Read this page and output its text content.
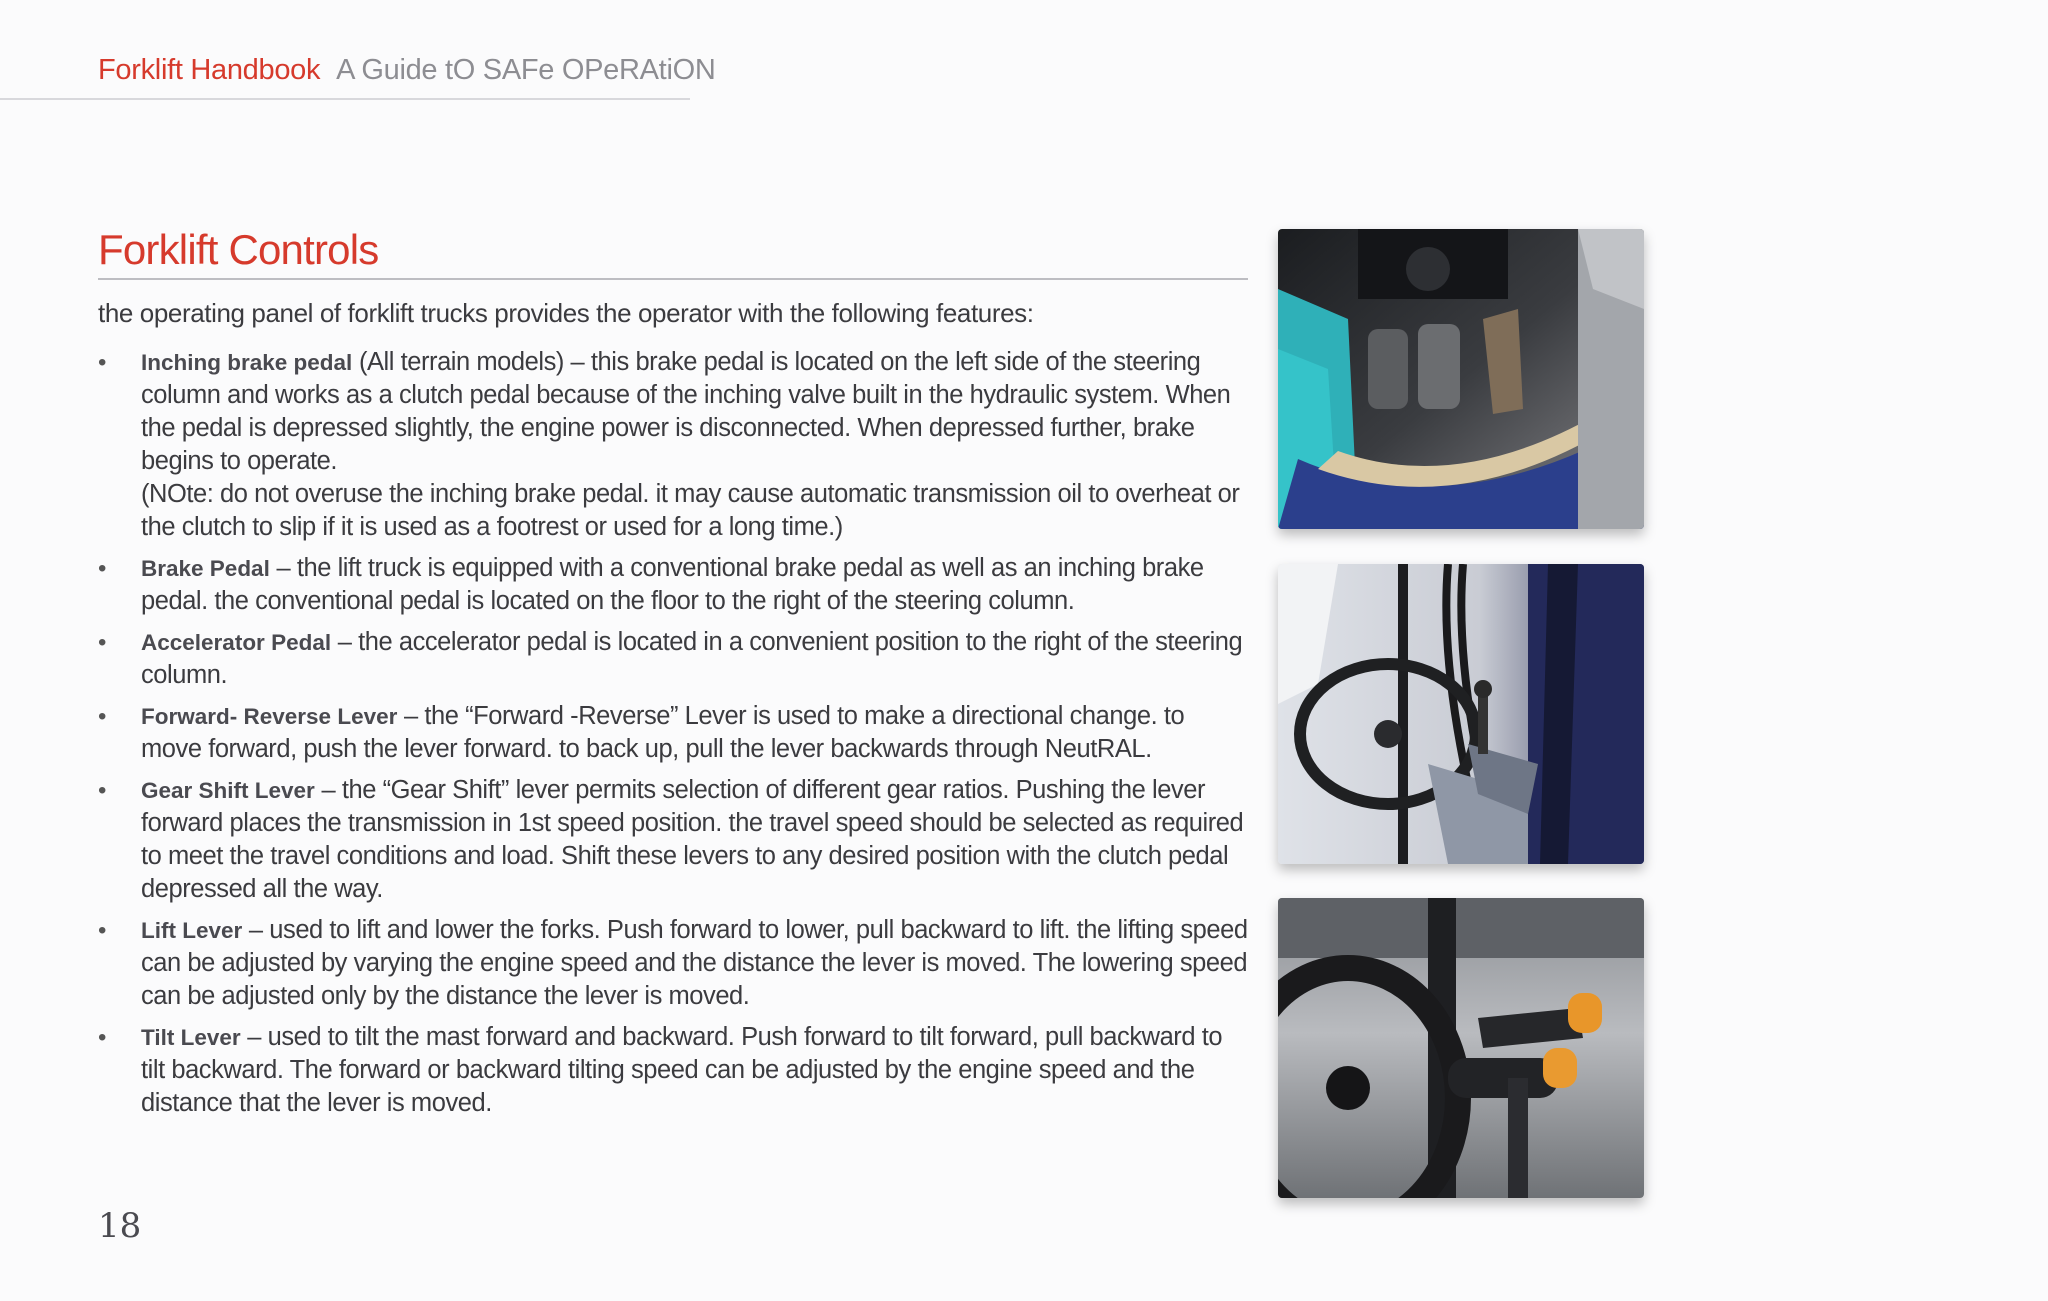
Forklift Handbook A Guide tO SAFe OPeRAtiON
Forklift Controls
the operating panel of forklift trucks provides the operator with the following features:
• Inching brake pedal (All terrain models) – this brake pedal is located on the left side of the steering column and works as a clutch pedal because of the inching valve built in the hydraulic system. When the pedal is depressed slightly, the engine power is disconnected. When depressed further, brake begins to operate.
(NOte: do not overuse the inching brake pedal. it may cause automatic transmission oil to overheat or the clutch to slip if it is used as a footrest or used for a long time.)
• Brake Pedal – the lift truck is equipped with a conventional brake pedal as well as an inching brake pedal. the conventional pedal is located on the floor to the right of the steering column.
• Accelerator Pedal – the accelerator pedal is located in a convenient position to the right of the steering column.
• Forward- Reverse Lever – the “Forward -Reverse” Lever is used to make a directional change. to move forward, push the lever forward. to back up, pull the lever backwards through NeutRAL.
• Gear Shift Lever – the “Gear Shift” lever permits selection of different gear ratios. Pushing the lever forward places the transmission in 1st speed position. the travel speed should be selected as required to meet the travel conditions and load. Shift these levers to any desired position with the clutch pedal depressed all the way.
• Lift Lever – used to lift and lower the forks. Push forward to lower, pull backward to lift. the lifting speed can be adjusted by varying the engine speed and the distance the lever is moved. The lowering speed can be adjusted only by the distance the lever is moved.
• Tilt Lever – used to tilt the mast forward and backward. Push forward to tilt forward, pull backward to tilt backward. The forward or backward tilting speed can be adjusted by the engine speed and the distance that the lever is moved.
18
